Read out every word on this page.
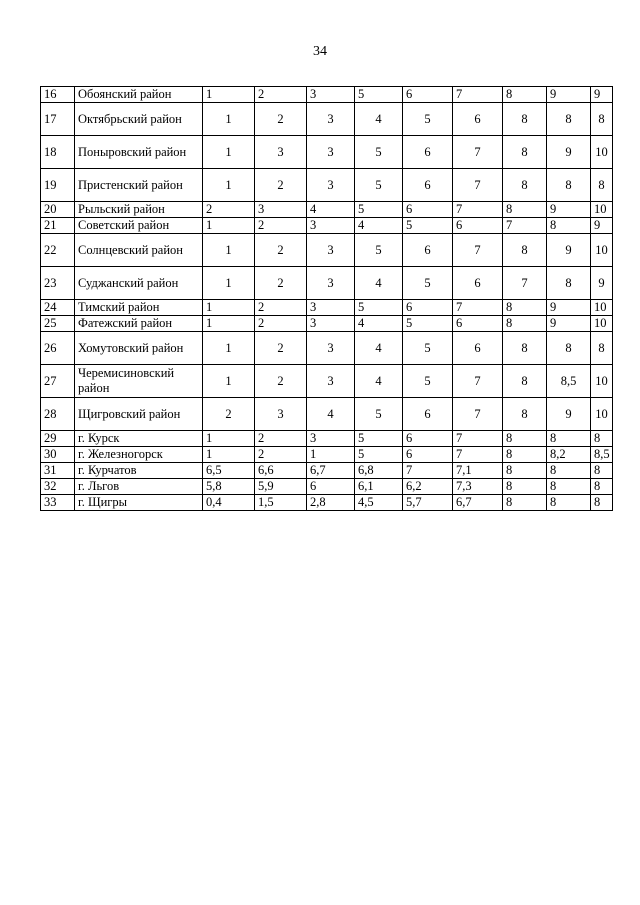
34
16	Обоянский район	1	2	3	5	6	7	8	9	9
17	Октябрьский район	1	2	3	4	5	6	8	8	8
18	Поныровский район	1	3	3	5	6	7	8	9	10
19	Пристенский район	1	2	3	5	6	7	8	8	8
20	Рыльский район	2	3	4	5	6	7	8	9	10
21	Советский район	1	2	3	4	5	6	7	8	9
22	Солнцевский район	1	2	3	5	6	7	8	9	10
23	Суджанский район	1	2	3	4	5	6	7	8	9
24	Тимский район	1	2	3	5	6	7	8	9	10
25	Фатежский район	1	2	3	4	5	6	8	9	10
26	Хомутовский район	1	2	3	4	5	6	8	8	8
27	Черемисиновский район	1	2	3	4	5	7	8	8,5	10
28	Щигровский район	2	3	4	5	6	7	8	9	10
29	г. Курск	1	2	3	5	6	7	8	8	8
30	г. Железногорск	1	2	1	5	6	7	8	8,2	8,5
31	г. Курчатов	6,5	6,6	6,7	6,8	7	7,1	8	8	8
32	г. Льгов	5,8	5,9	6	6,1	6,2	7,3	8	8	8
33	г. Щигры	0,4	1,5	2,8	4,5	5,7	6,7	8	8	8
